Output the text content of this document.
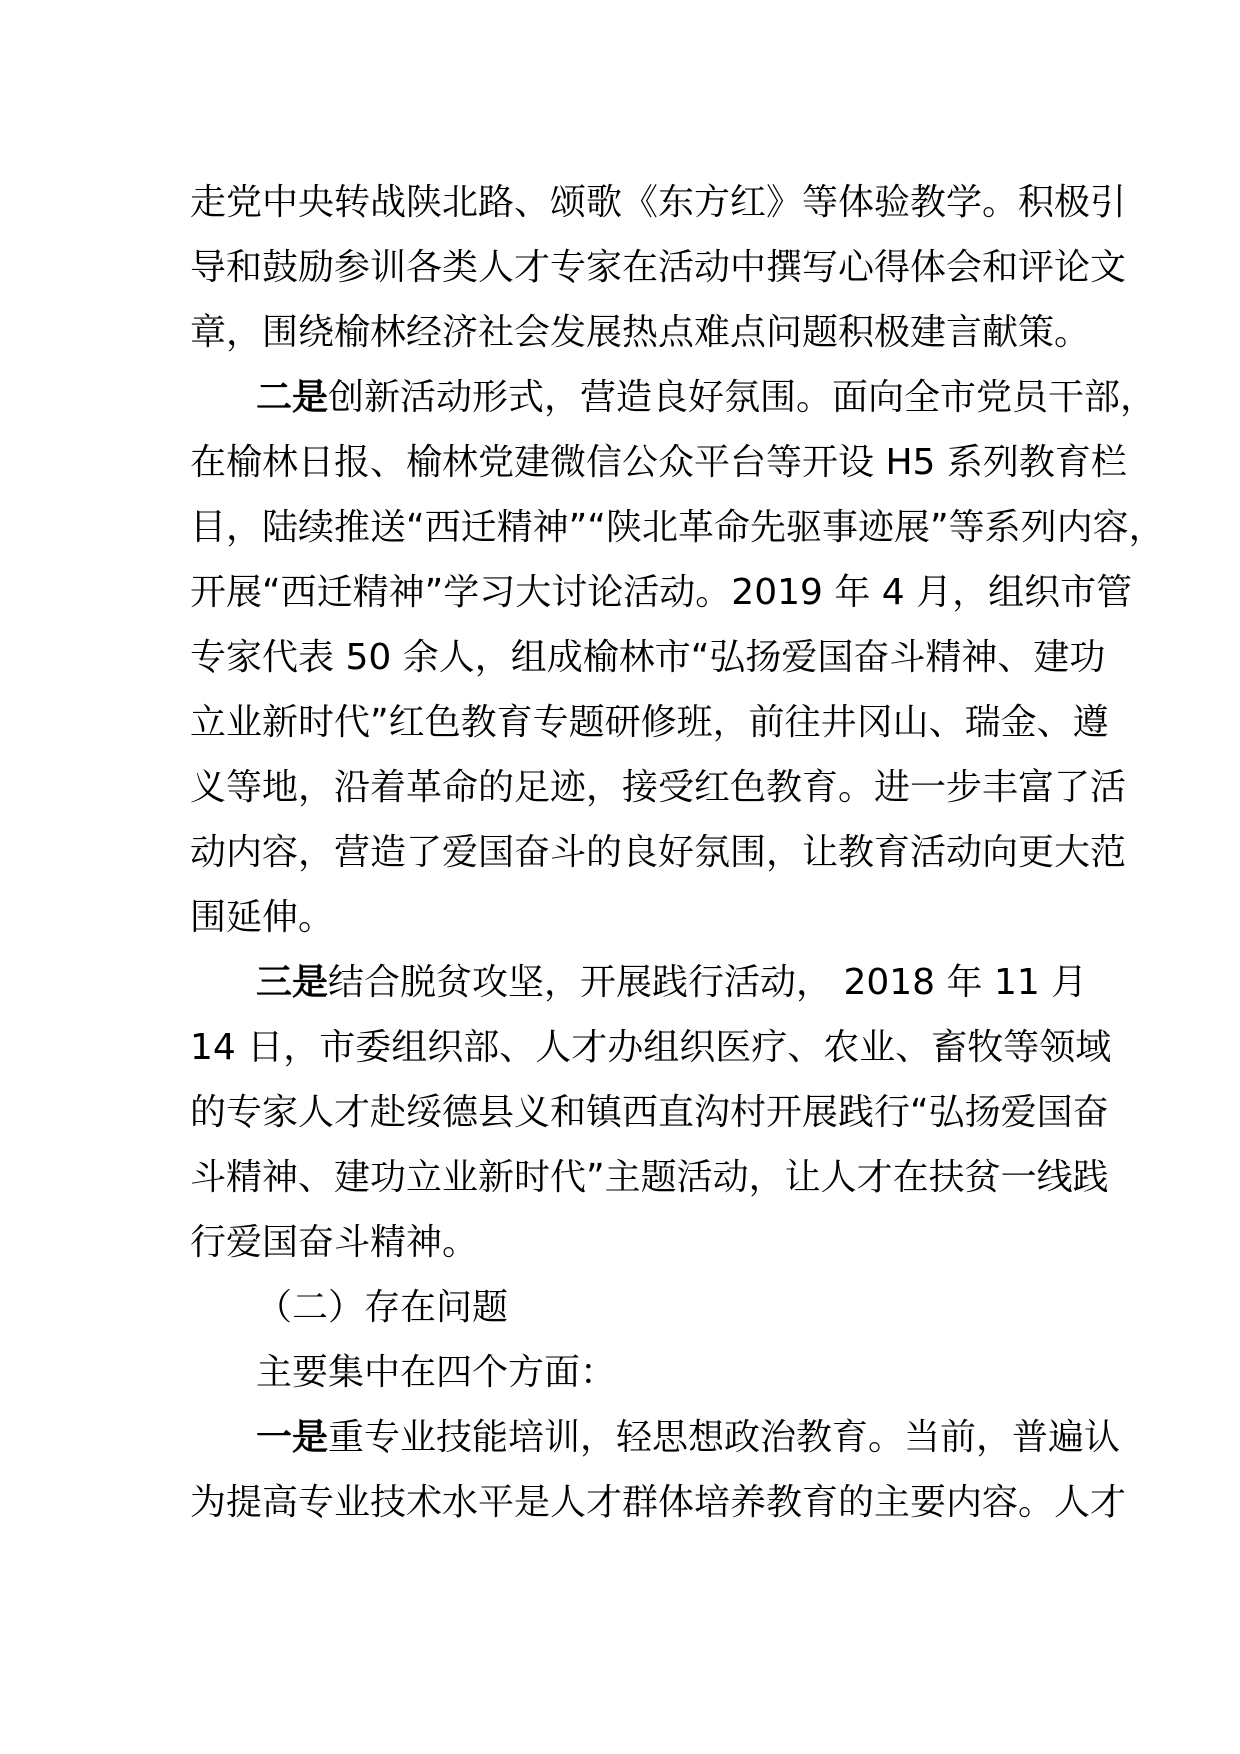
走党中央转战陕北路、颂歌《东方红》等体验教学。积极引
导和鼓励参训各类人才专家在活动中撰写心得体会和评论文
章，围绕榆林经济社会发展热点难点问题积极建言献策。
二是创新活动形式，营造良好氛围。面向全市党员干部，
在榆林日报、榆林党建微信公众平台等开设 H5 系列教育栏
目，陆续推送“西迁精神”“陕北革命先驱事迹展”等系列内容，
开展“西迁精神”学习大讨论活动。2019 年 4 月，组织市管
专家代表 50 余人，组成榆林市“弘扬爱国奋斗精神、建功
立业新时代”红色教育专题研修班，前往井冈山、瑞金、遵
义等地，沿着革命的足迹，接受红色教育。进一步丰富了活
动内容，营造了爱国奋斗的良好氛围，让教育活动向更大范
围延伸。
三是结合脱贫攻坚，开展践行活动， 2018 年 11 月
14 日，市委组织部、人才办组织医疗、农业、畜牧等领域
的专家人才赴绥德县义和镇西直沟村开展践行“弘扬爱国奋
斗精神、建功立业新时代”主题活动，让人才在扶贫一线践
行爱国奋斗精神。
（二）存在问题
主要集中在四个方面：
一是重专业技能培训，轻思想政治教育。当前，普遍认
为提高专业技术水平是人才群体培养教育的主要内容。人才
